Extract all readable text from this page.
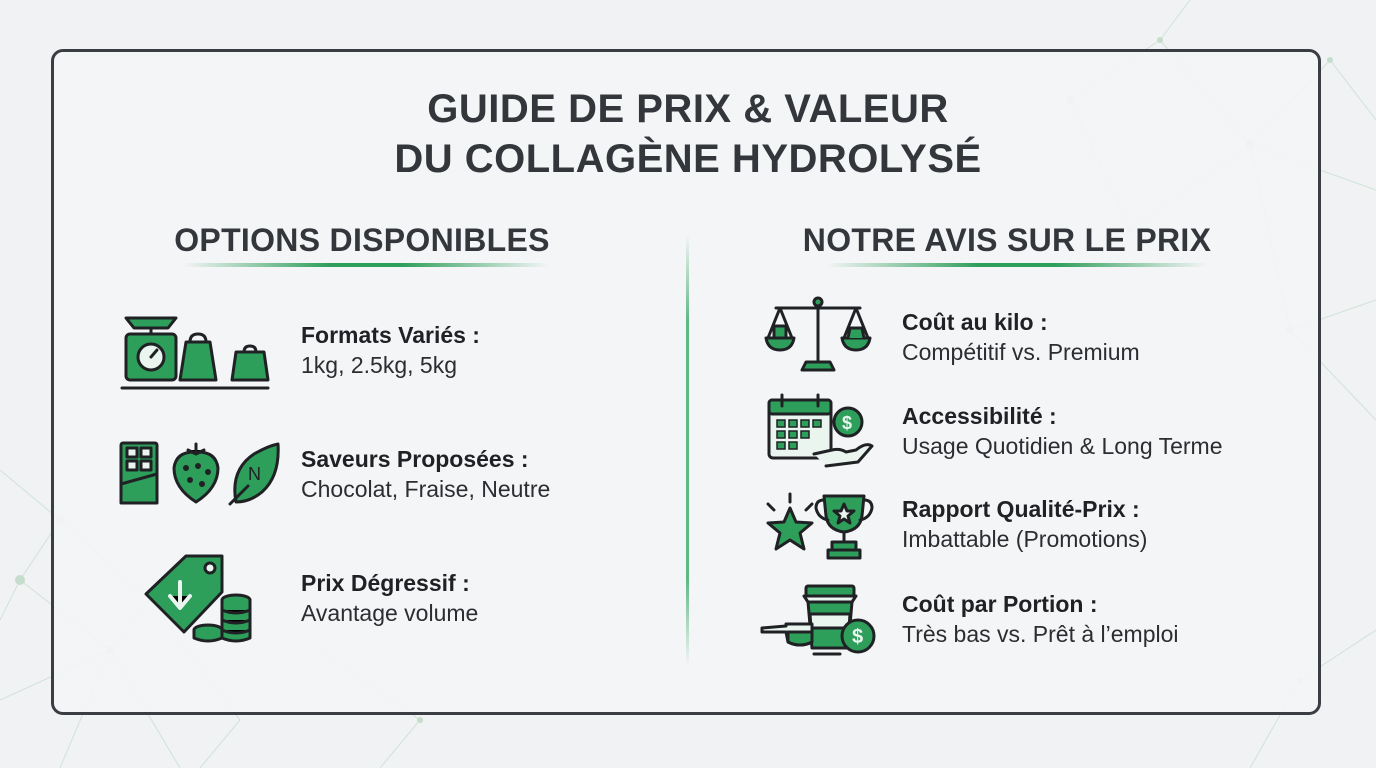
GUIDE DE PRIX & VALEUR
DU COLLAGÈNE HYDROLYSÉ
OPTIONS DISPONIBLES	NOTRE AVIS SUR LE PRIX
Formats Variés :
1kg, 2.5kg, 5kg
N
Saveurs Proposées :
Chocolat, Fraise, Neutre
Prix Dégressif :
Avantage volume
Coût au kilo :
Compétitif vs. Premium
$ Accessibilité :
Usage Quotidien & Long Terme
Rapport Qualité-Prix :
Imbattable (Promotions)
$
Coût par Portion :
Très bas vs. Prêt à l’emploi
